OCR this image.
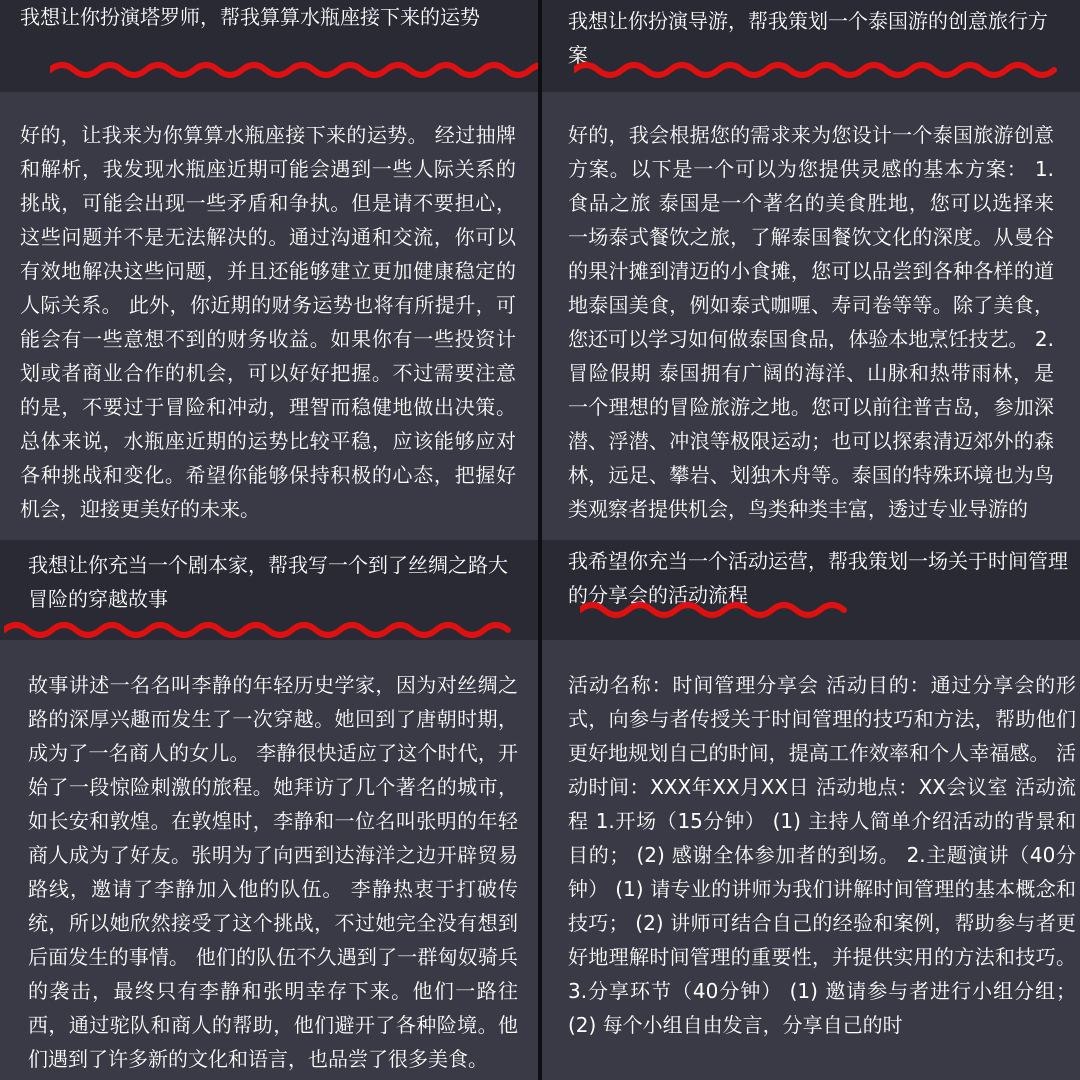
我想让你扮演塔罗师，帮我算算水瓶座接下来的运势
好的，让我来为你算算水瓶座接下来的运势。 经过抽牌和解析，我发现水瓶座近期可能会遇到一些人际关系的挑战，可能会出现一些矛盾和争执。但是请不要担心，这些问题并不是无法解决的。通过沟通和交流，你可以有效地解决这些问题，并且还能够建立更加健康稳定的人际关系。 此外，你近期的财务运势也将有所提升，可能会有一些意想不到的财务收益。如果你有一些投资计划或者商业合作的机会，可以好好把握。不过需要注意的是，不要过于冒险和冲动，理智而稳健地做出决策。 总体来说，水瓶座近期的运势比较平稳，应该能够应对各种挑战和变化。希望你能够保持积极的心态，把握好机会，迎接更美好的未来。
我想让你扮演导游，帮我策划一个泰国游的创意旅行方案
好的，我会根据您的需求来为您设计一个泰国旅游创意方案。以下是一个可以为您提供灵感的基本方案： 1. 食品之旅 泰国是一个著名的美食胜地，您可以选择来一场泰式餐饮之旅，了解泰国餐饮文化的深度。从曼谷的果汁摊到清迈的小食摊，您可以品尝到各种各样的道地泰国美食，例如泰式咖喱、寿司卷等等。除了美食，您还可以学习如何做泰国食品，体验本地烹饪技艺。 2. 冒险假期 泰国拥有广阔的海洋、山脉和热带雨林，是一个理想的冒险旅游之地。您可以前往普吉岛，参加深潜、浮潜、冲浪等极限运动；也可以探索清迈郊外的森林，远足、攀岩、划独木舟等。泰国的特殊环境也为鸟类观察者提供机会，鸟类种类丰富，透过专业导游的
我想让你充当一个剧本家，帮我写一个到了丝绸之路大冒险的穿越故事
故事讲述一名名叫李静的年轻历史学家，因为对丝绸之路的深厚兴趣而发生了一次穿越。她回到了唐朝时期，成为了一名商人的女儿。 李静很快适应了这个时代，开始了一段惊险刺激的旅程。她拜访了几个著名的城市，如长安和敦煌。在敦煌时，李静和一位名叫张明的年轻商人成为了好友。张明为了向西到达海洋之边开辟贸易路线，邀请了李静加入他的队伍。 李静热衷于打破传统，所以她欣然接受了这个挑战，不过她完全没有想到后面发生的事情。 他们的队伍不久遇到了一群匈奴骑兵的袭击，最终只有李静和张明幸存下来。他们一路往西，通过驼队和商人的帮助，他们避开了各种险境。他们遇到了许多新的文化和语言，也品尝了很多美食。
我希望你充当一个活动运营，帮我策划一场关于时间管理的分享会的活动流程
活动名称：时间管理分享会 活动目的：通过分享会的形式，向参与者传授关于时间管理的技巧和方法，帮助他们更好地规划自己的时间，提高工作效率和个人幸福感。 活动时间：XXX年XX月XX日 活动地点：XX会议室 活动流程 1.开场（15分钟） (1) 主持人简单介绍活动的背景和目的； (2) 感谢全体参加者的到场。 2.主题演讲（40分钟） (1) 请专业的讲师为我们讲解时间管理的基本概念和技巧； (2) 讲师可结合自己的经验和案例，帮助参与者更好地理解时间管理的重要性，并提供实用的方法和技巧。 3.分享环节（40分钟） (1) 邀请参与者进行小组分组； (2) 每个小组自由发言，分享自己的时
